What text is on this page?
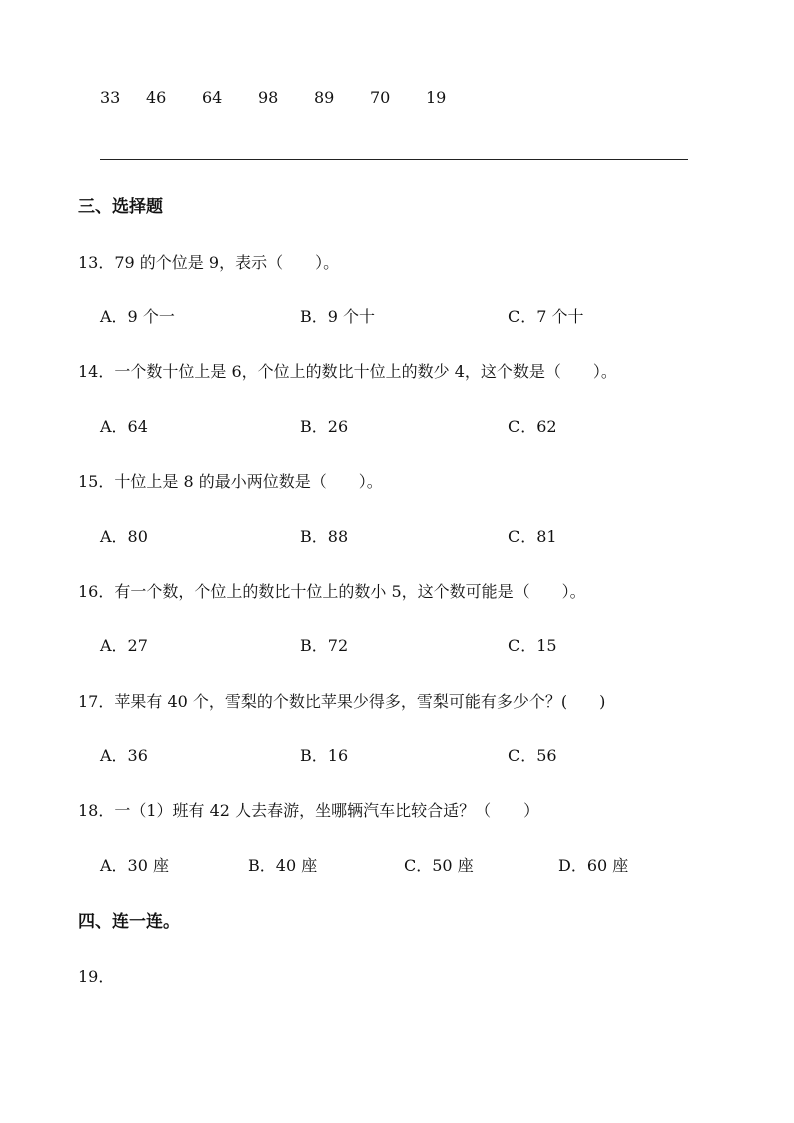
33 46 64 98 89 70 19
三、选择题
13．79 的个位是 9，表示（　　）。
A．9 个一	B．9 个十	C．7 个十
14．一个数十位上是 6，个位上的数比十位上的数少 4，这个数是（　　）。
A．64	B．26	C．62
15．十位上是 8 的最小两位数是（　　）。
A．80	B．88	C．81
16．有一个数，个位上的数比十位上的数小 5，这个数可能是（　　）。
A．27	B．72	C．15
17．苹果有 40 个，雪梨的个数比苹果少得多，雪梨可能有多少个？(　　)
A．36	B．16	C．56
18．一（1）班有 42 人去春游，坐哪辆汽车比较合适？（　　）
A．30 座	B．40 座	C．50 座	D．60 座
四、连一连。
19．
